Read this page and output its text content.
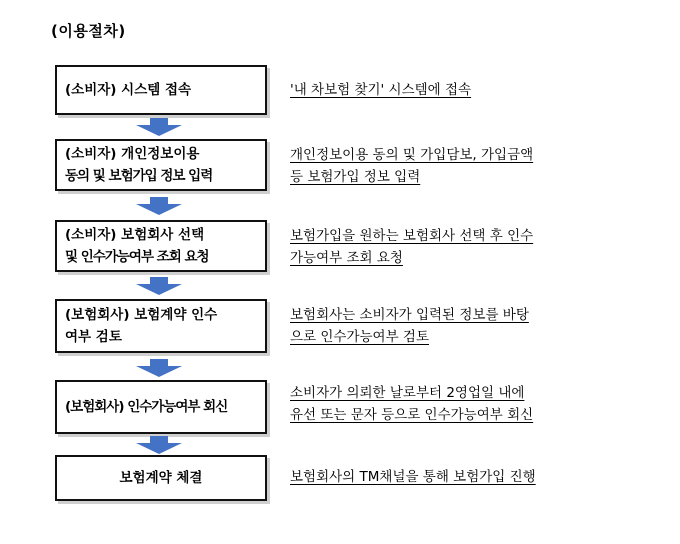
(이용절차)
(소비자) 시스템 접속	'내 차보험 찾기' 시스템에 접속
(소비자) 개인정보이용
동의 및 보험가입 정보 입력
개인정보이용 동의 및 가입담보, 가입금액
등 보험가입 정보 입력
(소비자) 보험회사 선택
및 인수가능여부 조회 요청
보험가입을 원하는 보험회사 선택 후 인수
가능여부 조회 요청
(보험회사) 보험계약 인수
여부 검토
보험회사는 소비자가 입력된 정보를 바탕
으로 인수가능여부 검토
(보험회사) 인수가능여부 회신
소비자가 의뢰한 날로부터 2영업일 내에
유선 또는 문자 등으로 인수가능여부 회신
보험계약 체결	보험회사의 TM채널을 통해 보험가입 진행
